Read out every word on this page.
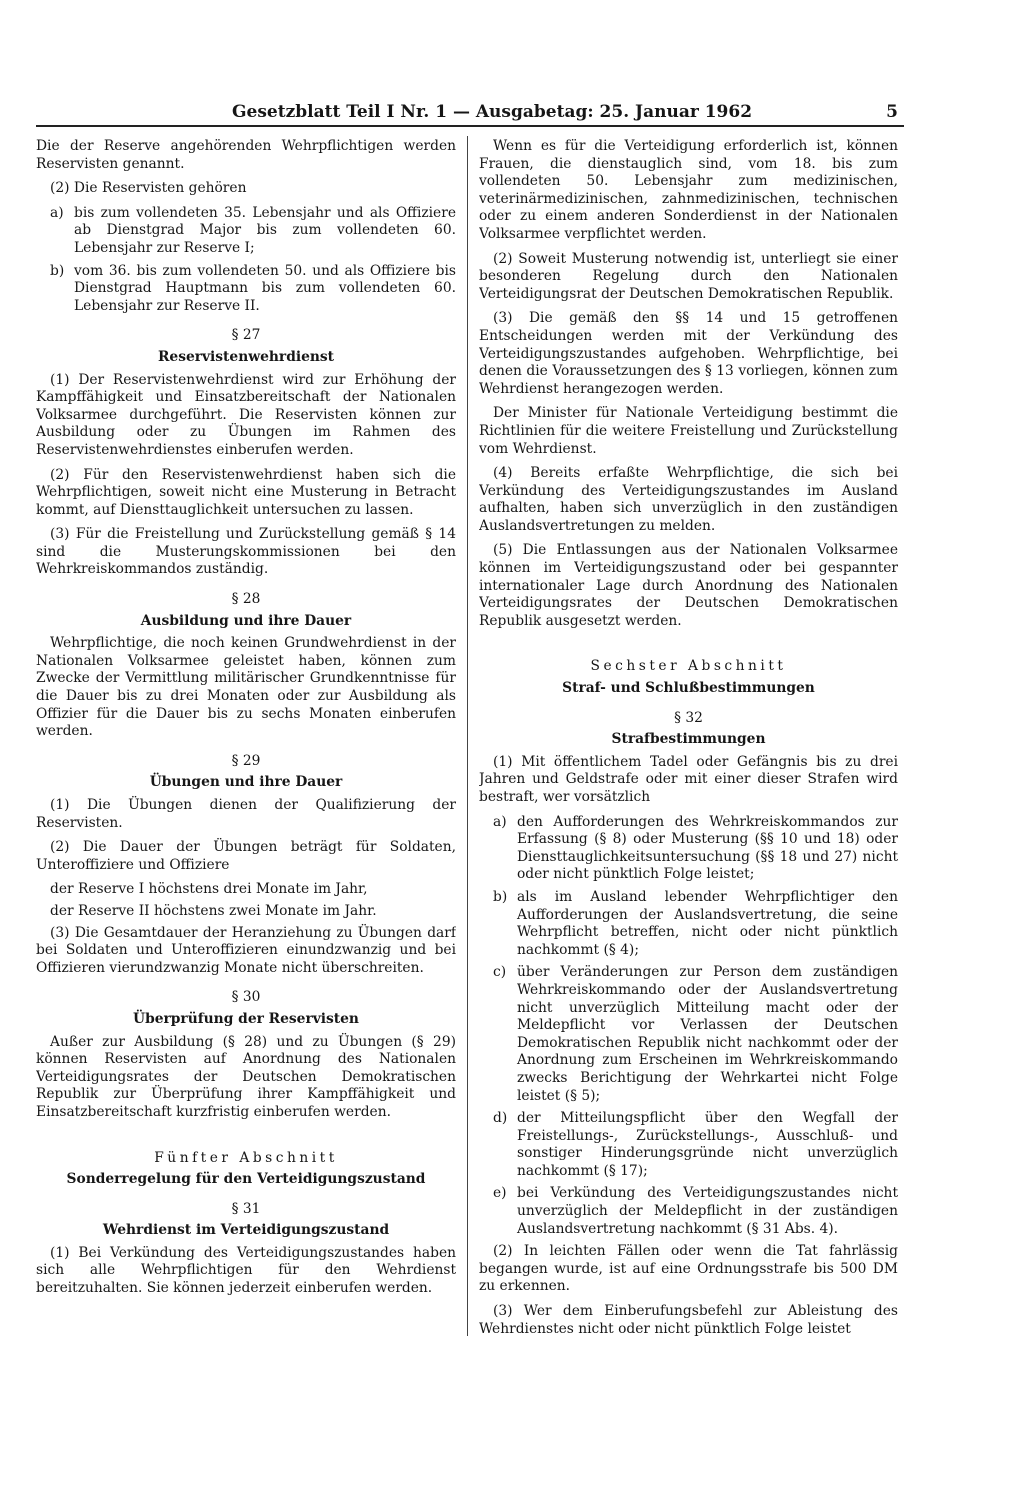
Gesetzblatt Teil I Nr. 1 — Ausgabetag: 25. Januar 1962	5

Die der Reserve angehörenden Wehrpflichtigen werden Reservisten genannt.

(2) Die Reservisten gehören

a) bis zum vollendeten 35. Lebensjahr und als Offiziere ab Dienstgrad Major bis zum vollendeten 60. Lebensjahr zur Reserve I;
b) vom 36. bis zum vollendeten 50. und als Offiziere bis Dienstgrad Hauptmann bis zum vollendeten 60. Lebensjahr zur Reserve II.
§ 27
Reservistenwehrdienst

(1) Der Reservistenwehrdienst wird zur Erhöhung der Kampffähigkeit und Einsatzbereitschaft der Nationalen Volksarmee durchgeführt. Die Reservisten können zur Ausbildung oder zu Übungen im Rahmen des Reservistenwehrdienstes einberufen werden.

(2) Für den Reservistenwehrdienst haben sich die Wehrpflichtigen, soweit nicht eine Musterung in Betracht kommt, auf Diensttauglichkeit untersuchen zu lassen.

(3) Für die Freistellung und Zurückstellung gemäß § 14 sind die Musterungskommissionen bei den Wehrkreiskommandos zuständig.

§ 28
Ausbildung und ihre Dauer

Wehrpflichtige, die noch keinen Grundwehrdienst in der Nationalen Volksarmee geleistet haben, können zum Zwecke der Vermittlung militärischer Grundkenntnisse für die Dauer bis zu drei Monaten oder zur Ausbildung als Offizier für die Dauer bis zu sechs Monaten einberufen werden.

§ 29
Übungen und ihre Dauer

(1) Die Übungen dienen der Qualifizierung der Reservisten.

(2) Die Dauer der Übungen beträgt für Soldaten, Unteroffiziere und Offiziere

der Reserve I höchstens drei Monate im Jahr,
der Reserve II höchstens zwei Monate im Jahr.

(3) Die Gesamtdauer der Heranziehung zu Übungen darf bei Soldaten und Unteroffizieren einundzwanzig und bei Offizieren vierundzwanzig Monate nicht überschreiten.

§ 30
Überprüfung der Reservisten

Außer zur Ausbildung (§ 28) und zu Übungen (§ 29) können Reservisten auf Anordnung des Nationalen Verteidigungsrates der Deutschen Demokratischen Republik zur Überprüfung ihrer Kampffähigkeit und Einsatzbereitschaft kurzfristig einberufen werden.

Fünfter Abschnitt
Sonderregelung für den Verteidigungszustand
§ 31
Wehrdienst im Verteidigungszustand

(1) Bei Verkündung des Verteidigungszustandes haben sich alle Wehrpflichtigen für den Wehrdienst bereitzuhalten. Sie können jederzeit einberufen werden.

Wenn es für die Verteidigung erforderlich ist, können Frauen, die dienstauglich sind, vom 18. bis zum vollendeten 50. Lebensjahr zum medizinischen, veterinärmedizinischen, zahnmedizinischen, technischen oder zu einem anderen Sonderdienst in der Nationalen Volksarmee verpflichtet werden.

(2) Soweit Musterung notwendig ist, unterliegt sie einer besonderen Regelung durch den Nationalen Verteidigungsrat der Deutschen Demokratischen Republik.

(3) Die gemäß den §§ 14 und 15 getroffenen Entscheidungen werden mit der Verkündung des Verteidigungszustandes aufgehoben. Wehrpflichtige, bei denen die Voraussetzungen des § 13 vorliegen, können zum Wehrdienst herangezogen werden.

Der Minister für Nationale Verteidigung bestimmt die Richtlinien für die weitere Freistellung und Zurückstellung vom Wehrdienst.

(4) Bereits erfaßte Wehrpflichtige, die sich bei Verkündung des Verteidigungszustandes im Ausland aufhalten, haben sich unverzüglich in den zuständigen Auslandsvertretungen zu melden.

(5) Die Entlassungen aus der Nationalen Volksarmee können im Verteidigungszustand oder bei gespannter internationaler Lage durch Anordnung des Nationalen Verteidigungsrates der Deutschen Demokratischen Republik ausgesetzt werden.

Sechster Abschnitt
Straf- und Schlußbestimmungen
§ 32
Strafbestimmungen

(1) Mit öffentlichem Tadel oder Gefängnis bis zu drei Jahren und Geldstrafe oder mit einer dieser Strafen wird bestraft, wer vorsätzlich

a) den Aufforderungen des Wehrkreiskommandos zur Erfassung (§ 8) oder Musterung (§§ 10 und 18) oder Diensttauglichkeitsuntersuchung (§§ 18 und 27) nicht oder nicht pünktlich Folge leistet;
b) als im Ausland lebender Wehrpflichtiger den Aufforderungen der Auslandsvertretung, die seine Wehrpflicht betreffen, nicht oder nicht pünktlich nachkommt (§ 4);
c) über Veränderungen zur Person dem zuständigen Wehrkreiskommando oder der Auslandsvertretung nicht unverzüglich Mitteilung macht oder der Meldepflicht vor Verlassen der Deutschen Demokratischen Republik nicht nachkommt oder der Anordnung zum Erscheinen im Wehrkreiskommando zwecks Berichtigung der Wehrkartei nicht Folge leistet (§ 5);
d) der Mitteilungspflicht über den Wegfall der Freistellungs-, Zurückstellungs-, Ausschluß- und sonstiger Hinderungsgründe nicht unverzüglich nachkommt (§ 17);
e) bei Verkündung des Verteidigungszustandes nicht unverzüglich der Meldepflicht in der zuständigen Auslandsvertretung nachkommt (§ 31 Abs. 4).

(2) In leichten Fällen oder wenn die Tat fahrlässig begangen wurde, ist auf eine Ordnungsstrafe bis 500 DM zu erkennen.

(3) Wer dem Einberufungsbefehl zur Ableistung des Wehrdienstes nicht oder nicht pünktlich Folge leistet
